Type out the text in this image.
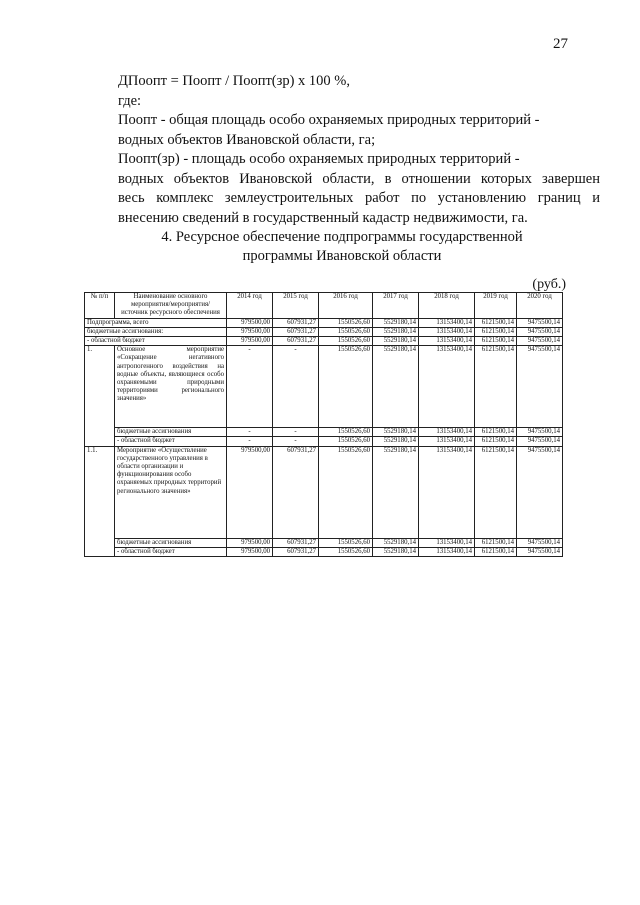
27

ДПоопт = Поопт / Поопт(зр) х 100 %,

где:

Поопт - общая площадь особо охраняемых природных территорий -

водных объектов Ивановской области, га;

Поопт(зр) - площадь особо охраняемых природных территорий -

водных объектов Ивановской области, в отношении которых завершен

весь комплекс землеустроительных работ по установлению границ и

внесению сведений в государственный кадастр недвижимости, га.

4. Ресурсное обеспечение подпрограммы государственной
программы Ивановской области
(руб.)
№ п/п	Наименование основного мероприятия/мероприятия/ источник ресурсного обеспечения	2014 год	2015 год	2016 год	2017 год	2018 год	2019 год	2020 год
Подпрограмма, всего		979500,00	607931,27	1550526,60	5529180,14	13153400,14	6121500,14	9475500,14
бюджетные ассигнования:		979500,00	607931,27	1550526,60	5529180,14	13153400,14	6121500,14	9475500,14
- областной бюджет		979500,00	607931,27	1550526,60	5529180,14	13153400,14	6121500,14	9475500,14
1.	Основное мероприятие «Сокращение негативного антропогенного воздействия на водные объекты, являющиеся особо охраняемыми природными территориями регионального значения»	-	-	1550526,60	5529180,14	13153400,14	6121500,14	9475500,14
	бюджетные ассигнования	-	-	1550526,60	5529180,14	13153400,14	6121500,14	9475500,14
	- областной бюджет	-	-	1550526,60	5529180,14	13153400,14	6121500,14	9475500,14
1.1.	Мероприятие «Осуществление государственного управления в области организации и функционирования особо охраняемых природных территорий регионального значения»	979500,00	607931,27	1550526,60	5529180,14	13153400,14	6121500,14	9475500,14
	бюджетные ассигнования	979500,00	607931,27	1550526,60	5529180,14	13153400,14	6121500,14	9475500,14
	- областной бюджет	979500,00	607931,27	1550526,60	5529180,14	13153400,14	6121500,14	9475500,14
